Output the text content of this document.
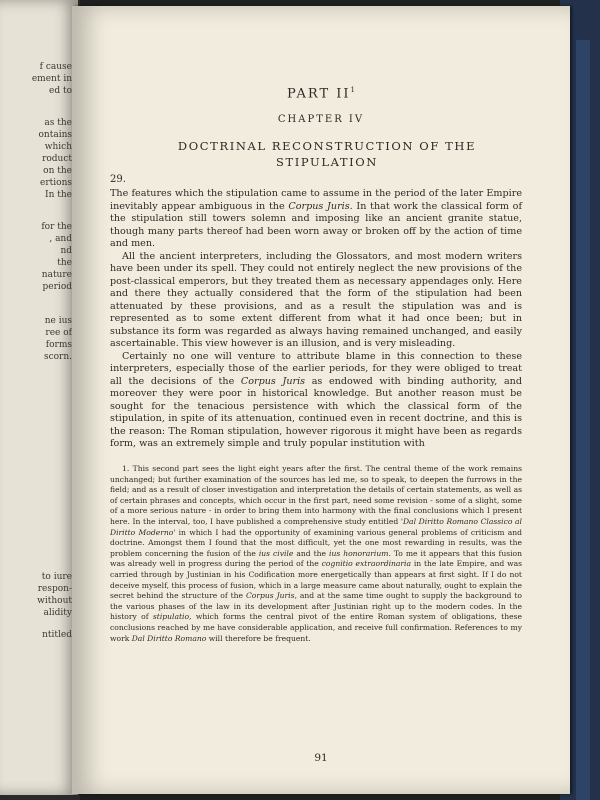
f cause
ement in
ed to
as the
ontains
which
roduct
on the
ertions
In the
for the
, and
nd
the
nature
period
ne ius
ree of
forms
scorn.
to iure
respon-
without
alidity
ntitled
PART $II^1$
CHAPTER IV
DOCTRINAL RECONSTRUCTION OF THE
STIPULATION
29.

The features which the stipulation came to assume in the period of the later Empire inevitably appear ambiguous in the Corpus Juris. In that work the classical form of the stipulation still towers solemn and imposing like an ancient granite statue, though many parts thereof had been worn away or broken off by the action of time and men.

All the ancient interpreters, including the Glossators, and most modern writers have been under its spell. They could not entirely neglect the new provisions of the post-classical emperors, but they treated them as necessary appendages only. Here and there they actually considered that the form of the stipulation had been attenuated by these provisions, and as a result the stipulation was and is represented as to some extent different from what it had once been; but in substance its form was regarded as always having remained unchanged, and easily ascertainable. This view however is an illusion, and is very misleading.

Certainly no one will venture to attribute blame in this connection to these interpreters, especially those of the earlier periods, for they were obliged to treat all the decisions of the Corpus Juris as endowed with binding authority, and moreover they were poor in historical knowledge. But another reason must be sought for the tenacious persistence with which the classical form of the stipulation, in spite of its attenuation, continued even in recent doctrine, and this is the reason: The Roman stipulation, however rigorous it might have been as regards form, was an extremely simple and truly popular institution with

1. This second part sees the light eight years after the first. The central theme of the work remains unchanged; but further examination of the sources has led me, so to speak, to deepen the furrows in the field; and as a result of closer investigation and interpretation the details of certain statements, as well as of certain phrases and concepts, which occur in the first part, need some revision - some of a slight, some of a more serious nature - in order to bring them into harmony with the final conclusions which I present here. In the interval, too, I have published a comprehensive study entitled 'Dal Diritto Romano Classico al Diritto Moderno' in which I had the opportunity of examining various general problems of criticism and doctrine. Amongst them I found that the most difficult, yet the one most rewarding in results, was the problem concerning the fusion of the ius civile and the ius honorarium. To me it appears that this fusion was already well in progress during the period of the cognitio extraordinaria in the late Empire, and was carried through by Justinian in his Codification more energetically than appears at first sight. If I do not deceive myself, this process of fusion, which in a large measure came about naturally, ought to explain the secret behind the structure of the Corpus Juris, and at the same time ought to supply the background to the various phases of the law in its development after Justinian right up to the modern codes. In the history of stipulatio, which forms the central pivot of the entire Roman system of obligations, these conclusions reached by me have considerable application, and receive full confirmation. References to my work Dal Diritto Romano will therefore be frequent.

91
